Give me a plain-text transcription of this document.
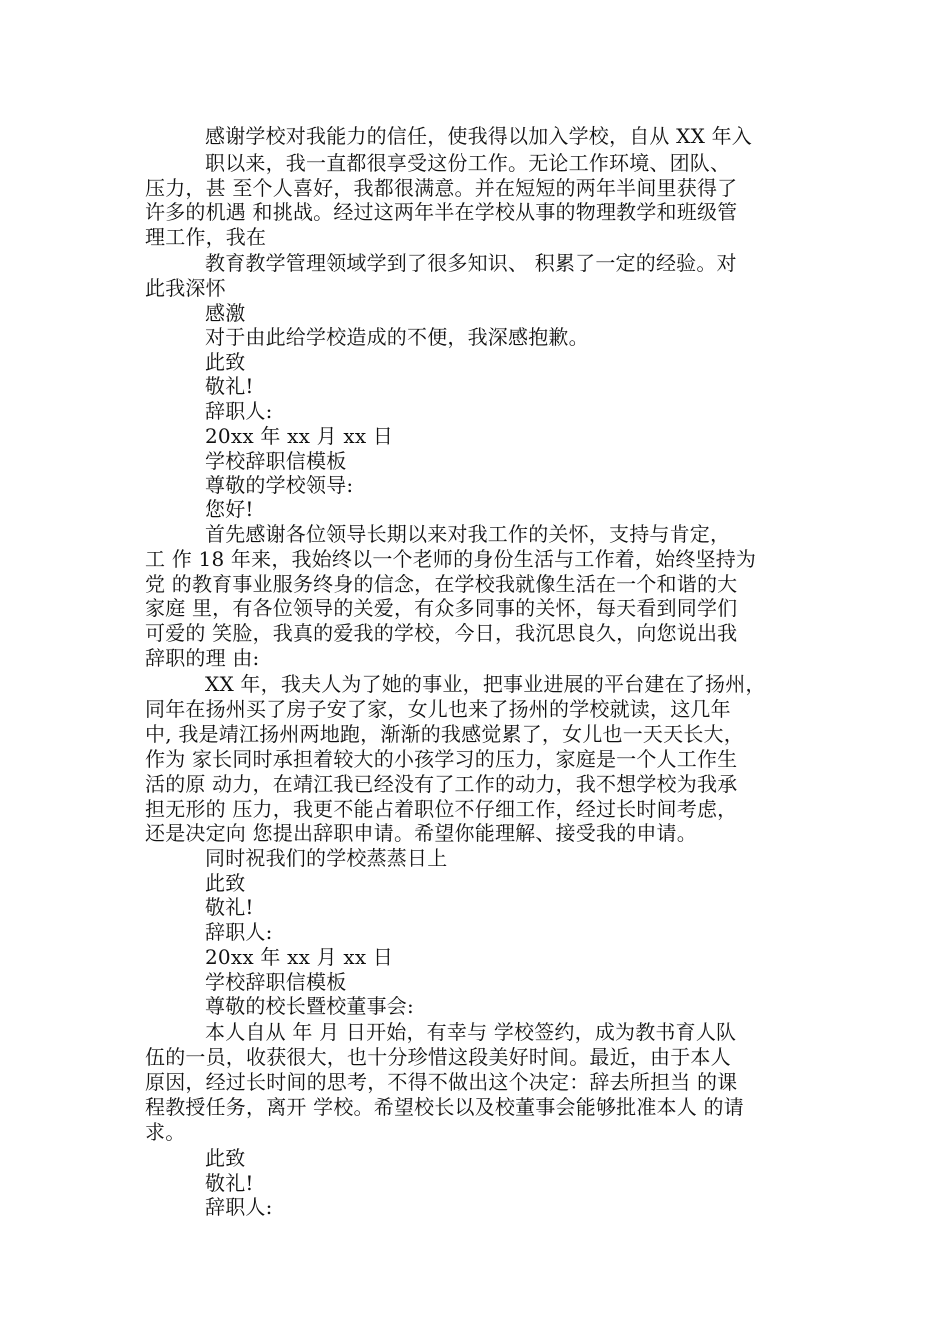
感谢学校对我能力的信任，使我得以加入学校，自从 XX 年入
职以来，我一直都很享受这份工作。无论工作环境、团队、
压力，甚 至个人喜好，我都很满意。并在短短的两年半间里获得了
许多的机遇 和挑战。经过这两年半在学校从事的物理教学和班级管
理工作，我在
教育教学管理领域学到了很多知识、 积累了一定的经验。对
此我深怀
感激
对于由此给学校造成的不便，我深感抱歉。
此致
敬礼!
辞职人:
20xx 年 xx 月 xx 日
学校辞职信模板
尊敬的学校领导:
您好!
首先感谢各位领导长期以来对我工作的关怀，支持与肯定，
工 作 18 年来，我始终以一个老师的身份生活与工作着，始终坚持为
党 的教育事业服务终身的信念，在学校我就像生活在一个和谐的大
家庭 里，有各位领导的关爱，有众多同事的关怀，每天看到同学们
可爱的 笑脸，我真的爱我的学校，今日，我沉思良久，向您说出我
辞职的理 由:
XX 年，我夫人为了她的事业，把事业进展的平台建在了扬州，
同年在扬州买了房子安了家，女儿也来了扬州的学校就读，这几年
中, 我是靖江扬州两地跑，渐渐的我感觉累了，女儿也一天天长大，
作为 家长同时承担着较大的小孩学习的压力，家庭是一个人工作生
活的原 动力，在靖江我已经没有了工作的动力，我不想学校为我承
担无形的 压力，我更不能占着职位不仔细工作，经过长时间考虑，
还是决定向 您提出辞职申请。希望你能理解、接受我的申请。
同时祝我们的学校蒸蒸日上
此致
敬礼!
辞职人:
20xx 年 xx 月 xx 日
学校辞职信模板
尊敬的校长暨校董事会:
本人自从 年 月 日开始，有幸与 学校签约，成为教书育人队
伍的一员，收获很大，也十分珍惜这段美好时间。最近，由于本人
原因，经过长时间的思考，不得不做出这个决定：辞去所担当 的课
程教授任务，离开 学校。希望校长以及校董事会能够批准本人 的请
求。
此致
敬礼!
辞职人:
